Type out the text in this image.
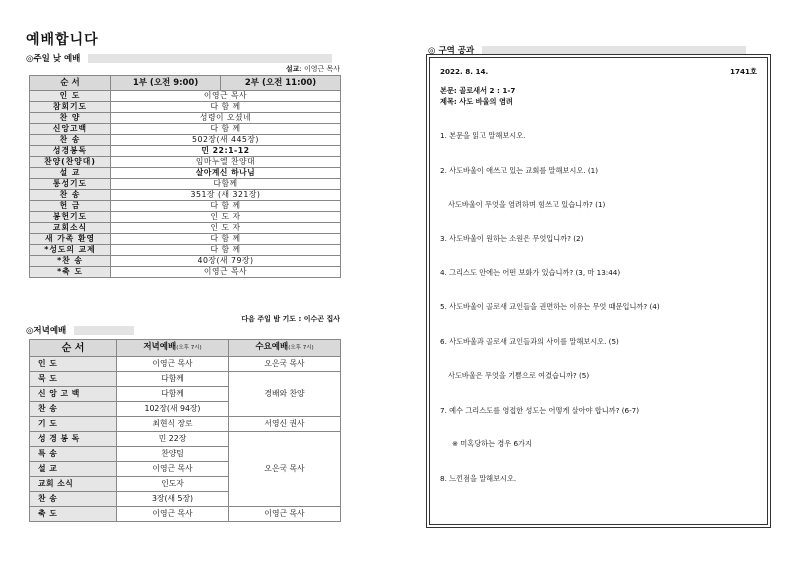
예배합니다
◎주일 낮 예배
설교: 이영근 목사
순 서	1부 (오전 9:00)	2부 (오전 11:00)
인 도	이영근 목사	
참회기도	다 함 께	
찬 양	성령이 오셨네	
신앙고백	다 함 께	
찬 송	502장(새 445장)	
성경봉독	민 22:1-12	
찬양(찬양대)	임마누엘 찬양대	
설 교	살아계신 하나님	
통성기도	다함께	
찬 송	351장 (새 321장)	
헌 금	다 함 께	
봉헌기도	인 도 자	
교회소식	인 도 자	
새 가족 환영	다 함 께	
*성도의 교제	다 함 께	
*찬 송	40장(새 79장)	
*축 도	이영근 목사	
다음 주일 밤 기도 : 이수곤 집사
◎저녁예배
순 서	저녁예배(오후 7시)	수요예배(오후 7시)
인 도	이영근 목사	오은국 목사
묵 도	다함께	경배와 찬양
신 앙 고 백	다함께	
찬 송	102장(새 94장)	
기 도	최현식 장로	서영신 권사
성 경 봉 독	민 22장	오은국 목사
특 송	찬양팀	
설 교	이영근 목사	
교회 소식	인도자	
찬 송	3장(새 5장)	
축 도	이영근 목사	이영근 목사
◎ 구역 공과
2022. 8. 14.	1741호
본문: 골로새서 2 : 1-7
제목: 사도 바울의 염려
1. 본문을 읽고 말해보시오.
2. 사도바울이 애쓰고 있는 교회를 말해보시오. (1)
사도바울이 무엇을 염려하며 힘쓰고 있습니까? (1)
3. 사도바울이 원하는 소원은 무엇입니까? (2)
4. 그리스도 안에는 어떤 보화가 있습니까? (3, 마 13:44)
5. 사도바울이 골로새 교인들을 권면하는 이유는 무엇 때문입니까? (4)
6. 사도바울과 골로새 교인들과의 사이를 말해보시오. (5)
사도바울은 무엇을 기쁨으로 여겼습니까? (5)
7. 예수 그리스도를 영접한 성도는 어떻게 살아야 합니까? (6-7)
※ 미혹당하는 경우 6가지
8. 느낀점을 말해보시오.
